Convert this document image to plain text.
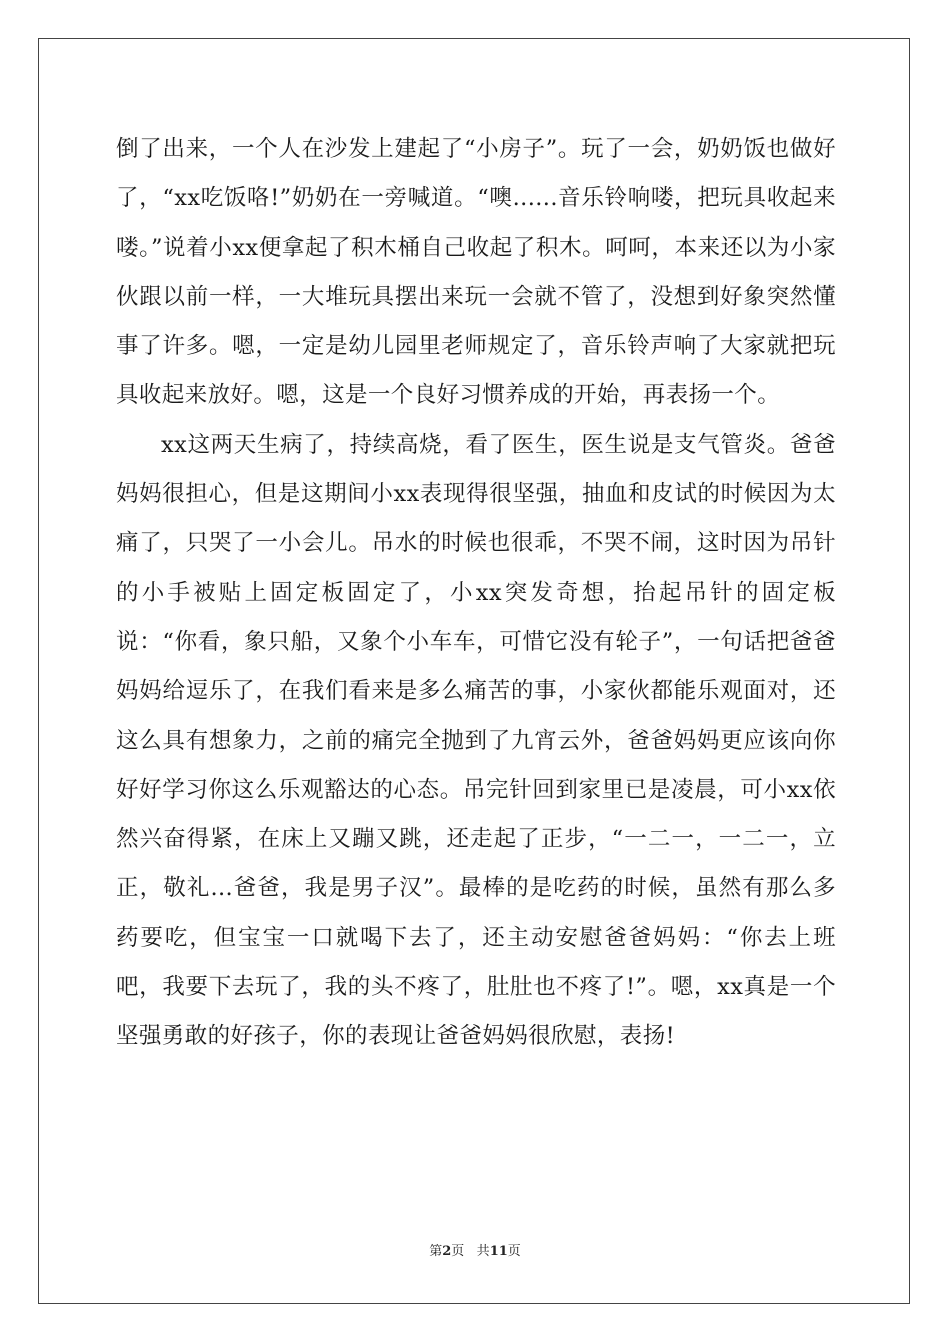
倒了出来，一个人在沙发上建起了“小房子”。玩了一会，奶奶饭也做好了，“xx吃饭咯!”奶奶在一旁喊道。“噢......音乐铃响喽，把玩具收起来喽。”说着小xx便拿起了积木桶自己收起了积木。呵呵，本来还以为小家伙跟以前一样，一大堆玩具摆出来玩一会就不管了，没想到好象突然懂事了许多。嗯，一定是幼儿园里老师规定了，音乐铃声响了大家就把玩具收起来放好。嗯，这是一个良好习惯养成的开始，再表扬一个。

xx这两天生病了，持续高烧，看了医生，医生说是支气管炎。爸爸妈妈很担心，但是这期间小xx表现得很坚强，抽血和皮试的时候因为太痛了，只哭了一小会儿。吊水的时候也很乖，不哭不闹，这时因为吊针的小手被贴上固定板固定了，小xx突发奇想，抬起吊针的固定板说：“你看，象只船，又象个小车车，可惜它没有轮子”，一句话把爸爸妈妈给逗乐了，在我们看来是多么痛苦的事，小家伙都能乐观面对，还这么具有想象力，之前的痛完全抛到了九宵云外，爸爸妈妈更应该向你好好学习你这么乐观豁达的心态。吊完针回到家里已是凌晨，可小xx依然兴奋得紧，在床上又蹦又跳，还走起了正步，“一二一，一二一，立正，敬礼...爸爸，我是男子汉”。最棒的是吃药的时候，虽然有那么多药要吃，但宝宝一口就喝下去了，还主动安慰爸爸妈妈：“你去上班吧，我要下去玩了，我的头不疼了，肚肚也不疼了!”。嗯，xx真是一个坚强勇敢的好孩子，你的表现让爸爸妈妈很欣慰，表扬!

第2页 共11页
